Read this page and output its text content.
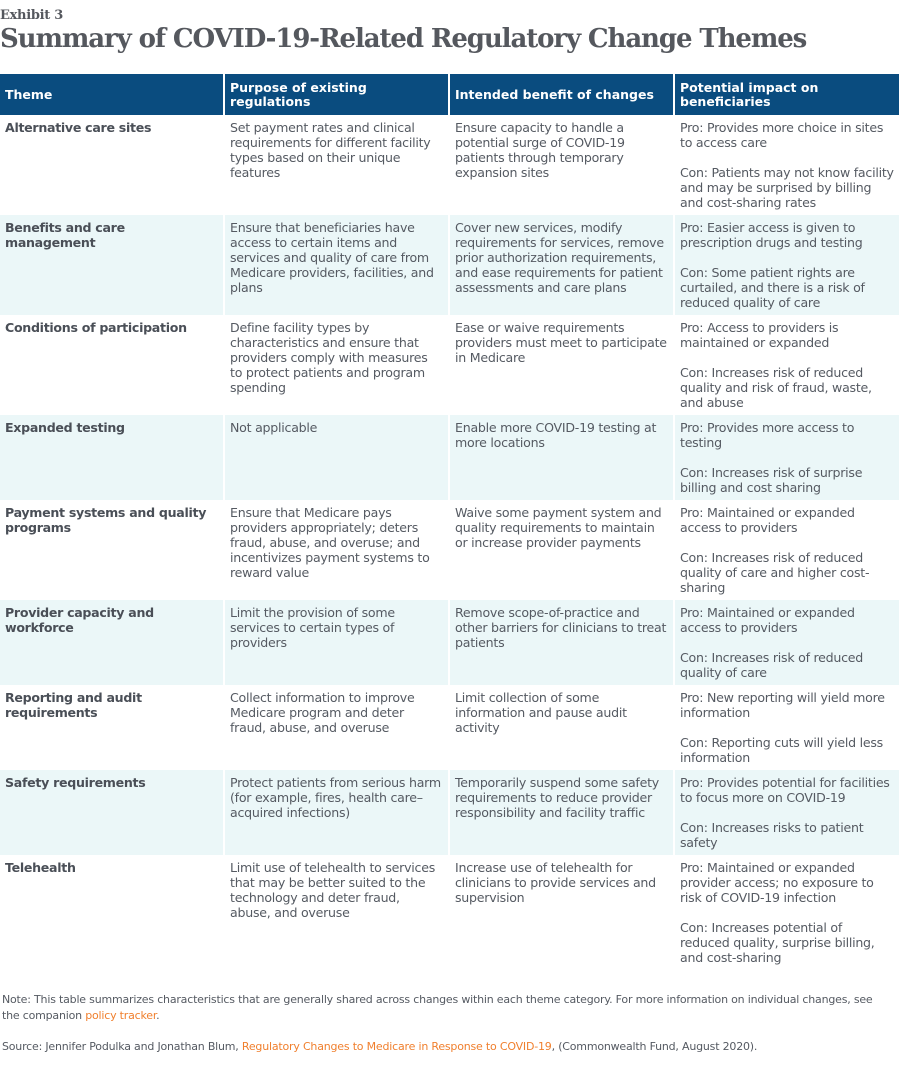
Exhibit 3
Summary of COVID-19-Related Regulatory Change Themes
Theme	Purpose of existing regulations	Intended benefit of changes	Potential impact on beneficiaries
Alternative care sites	Set payment rates and clinical requirements for different facility types based on their unique features	Ensure capacity to handle a potential surge of COVID-19 patients through temporary expansion sites	Pro: Provides more choice in sites to access care
Con: Patients may not know facility and may be surprised by billing and cost-sharing rates

Benefits and care management	Ensure that beneficiaries have access to certain items and services and quality of care from Medicare providers, facilities, and plans	Cover new services, modify requirements for services, remove prior authorization requirements, and ease requirements for patient assessments and care plans	Pro: Easier access is given to prescription drugs and testing
Con: Some patient rights are curtailed, and there is a risk of reduced quality of care

Conditions of participation	Define facility types by characteristics and ensure that providers comply with measures to protect patients and program spending	Ease or waive requirements providers must meet to participate in Medicare	Pro: Access to providers is maintained or expanded
Con: Increases risk of reduced quality and risk of fraud, waste, and abuse

Expanded testing	Not applicable	Enable more COVID-19 testing at more locations	Pro: Provides more access to testing
Con: Increases risk of surprise billing and cost sharing

Payment systems and quality programs	Ensure that Medicare pays providers appropriately; deters fraud, abuse, and overuse; and incentivizes payment systems to reward value	Waive some payment system and quality requirements to maintain or increase provider payments	Pro: Maintained or expanded access to providers
Con: Increases risk of reduced quality of care and higher cost-sharing

Provider capacity and workforce	Limit the provision of some services to certain types of providers	Remove scope-of-practice and other barriers for clinicians to treat patients	Pro: Maintained or expanded access to providers
Con: Increases risk of reduced quality of care

Reporting and audit requirements	Collect information to improve Medicare program and deter fraud, abuse, and overuse	Limit collection of some information and pause audit activity	Pro: New reporting will yield more information
Con: Reporting cuts will yield less information

Safety requirements	Protect patients from serious harm (for example, fires, health care–acquired infections)	Temporarily suspend some safety requirements to reduce provider responsibility and facility traffic	Pro: Provides potential for facilities to focus more on COVID-19
Con: Increases risks to patient safety

Telehealth	Limit use of telehealth to services that may be better suited to the technology and deter fraud, abuse, and overuse	Increase use of telehealth for clinicians to provide services and supervision	Pro: Maintained or expanded provider access; no exposure to risk of COVID-19 infection
Con: Increases potential of reduced quality, surprise billing, and cost-sharing
Note: This table summarizes characteristics that are generally shared across changes within each theme category. For more information on individual changes, see the companion policy tracker.
Source: Jennifer Podulka and Jonathan Blum, Regulatory Changes to Medicare in Response to COVID-19, (Commonwealth Fund, August 2020).
